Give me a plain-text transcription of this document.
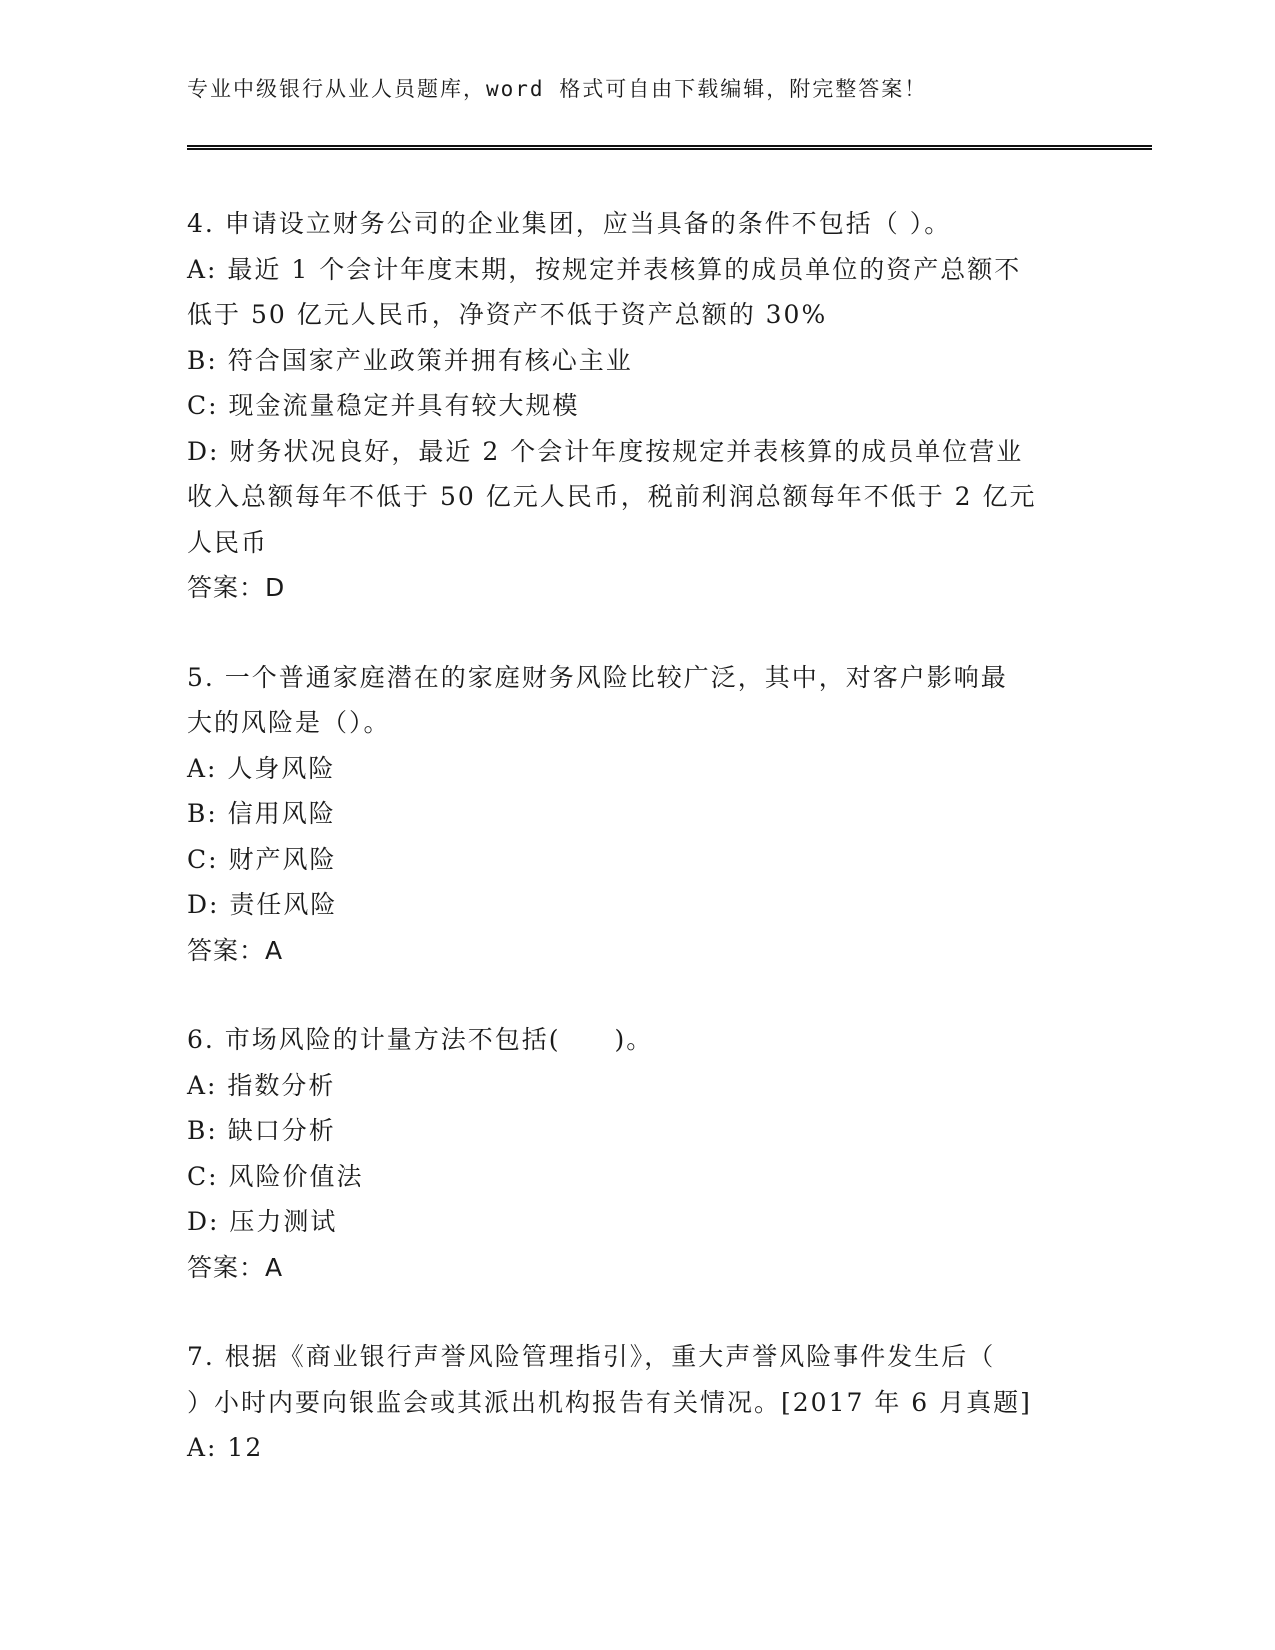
专业中级银行从业人员题库，word 格式可自由下载编辑，附完整答案！
4. 申请设立财务公司的企业集团，应当具备的条件不包括（ ）。
A: 最近 1 个会计年度末期，按规定并表核算的成员单位的资产总额不
低于 50 亿元人民币，净资产不低于资产总额的 30%
B: 符合国家产业政策并拥有核心主业
C: 现金流量稳定并具有较大规模
D: 财务状况良好，最近 2 个会计年度按规定并表核算的成员单位营业
收入总额每年不低于 50 亿元人民币，税前利润总额每年不低于 2 亿元
人民币
答案：D
5. 一个普通家庭潜在的家庭财务风险比较广泛，其中，对客户影响最
大的风险是（）。
A: 人身风险
B: 信用风险
C: 财产风险
D: 责任风险
答案：A
6. 市场风险的计量方法不包括(　　)。
A: 指数分析
B: 缺口分析
C: 风险价值法
D: 压力测试
答案：A
7. 根据《商业银行声誉风险管理指引》，重大声誉风险事件发生后（
）小时内要向银监会或其派出机构报告有关情况。[2017 年 6 月真题]
A: 12
